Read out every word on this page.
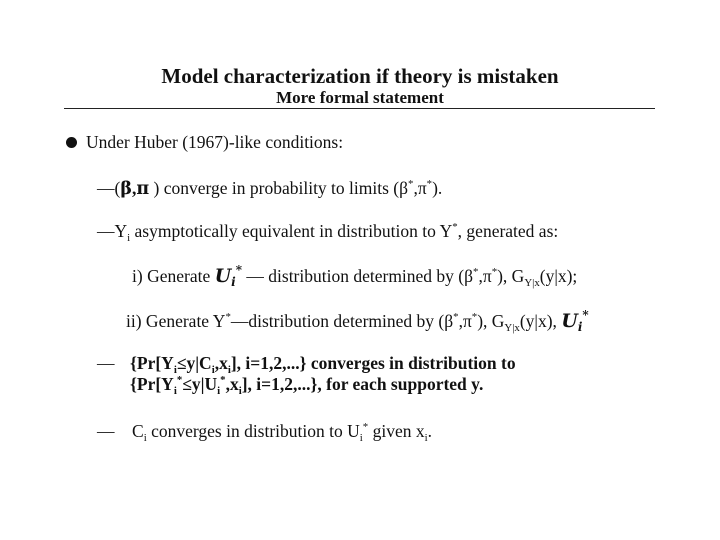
Model characterization if theory is mistaken
More formal statement
Under Huber (1967)-like conditions:
—(β,π ) converge in probability to limits (β*,π*).
$—Y_i$ asymptotically equivalent in distribution to Y*, generated as:
i) Generate $U_i^*$ — distribution determined by (β*,π*), $G_{Y|x}(y|x)$;
ii) Generate Y*—distribution determined by (β*,π*), $G_{Y|x}(y|x)$, $U_i^*$
— {$Pr[Y_i\le y|C_i,x_i]$, i=1,2,...} converges in distribution to
{$Pr[Y_i^*\le y|U_i^*,x_i]$, i=1,2,...}, for each supported y.
— $C_i$ converges in distribution to $U_i^*$ given $x_i$.
